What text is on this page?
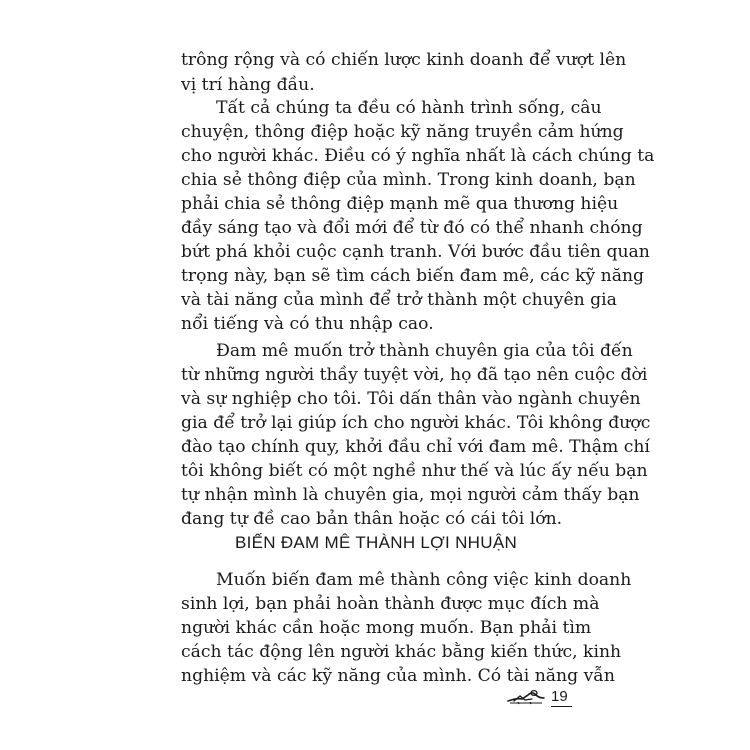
trông rộng và có chiến lược kinh doanh để vượt lên
vị trí hàng đầu.
Tất cả chúng ta đều có hành trình sống, câu
chuyện, thông điệp hoặc kỹ năng truyền cảm hứng
cho người khác. Điều có ý nghĩa nhất là cách chúng ta
chia sẻ thông điệp của mình. Trong kinh doanh, bạn
phải chia sẻ thông điệp mạnh mẽ qua thương hiệu
đầy sáng tạo và đổi mới để từ đó có thể nhanh chóng
bứt phá khỏi cuộc cạnh tranh. Với bước đầu tiên quan
trọng này, bạn sẽ tìm cách biến đam mê, các kỹ năng
và tài năng của mình để trở thành một chuyên gia
nổi tiếng và có thu nhập cao.
Đam mê muốn trở thành chuyên gia của tôi đến
từ những người thầy tuyệt vời, họ đã tạo nên cuộc đời
và sự nghiệp cho tôi. Tôi dấn thân vào ngành chuyên
gia để trở lại giúp ích cho người khác. Tôi không được
đào tạo chính quy, khởi đầu chỉ với đam mê. Thậm chí
tôi không biết có một nghề như thế và lúc ấy nếu bạn
tự nhận mình là chuyên gia, mọi người cảm thấy bạn
đang tự đề cao bản thân hoặc có cái tôi lớn.
BIẾN ĐAM MÊ THÀNH LỢI NHUẬN
Muốn biến đam mê thành công việc kinh doanh
sinh lợi, bạn phải hoàn thành được mục đích mà
người khác cần hoặc mong muốn. Bạn phải tìm
cách tác động lên người khác bằng kiến thức, kinh
nghiệm và các kỹ năng của mình. Có tài năng vẫn
19
